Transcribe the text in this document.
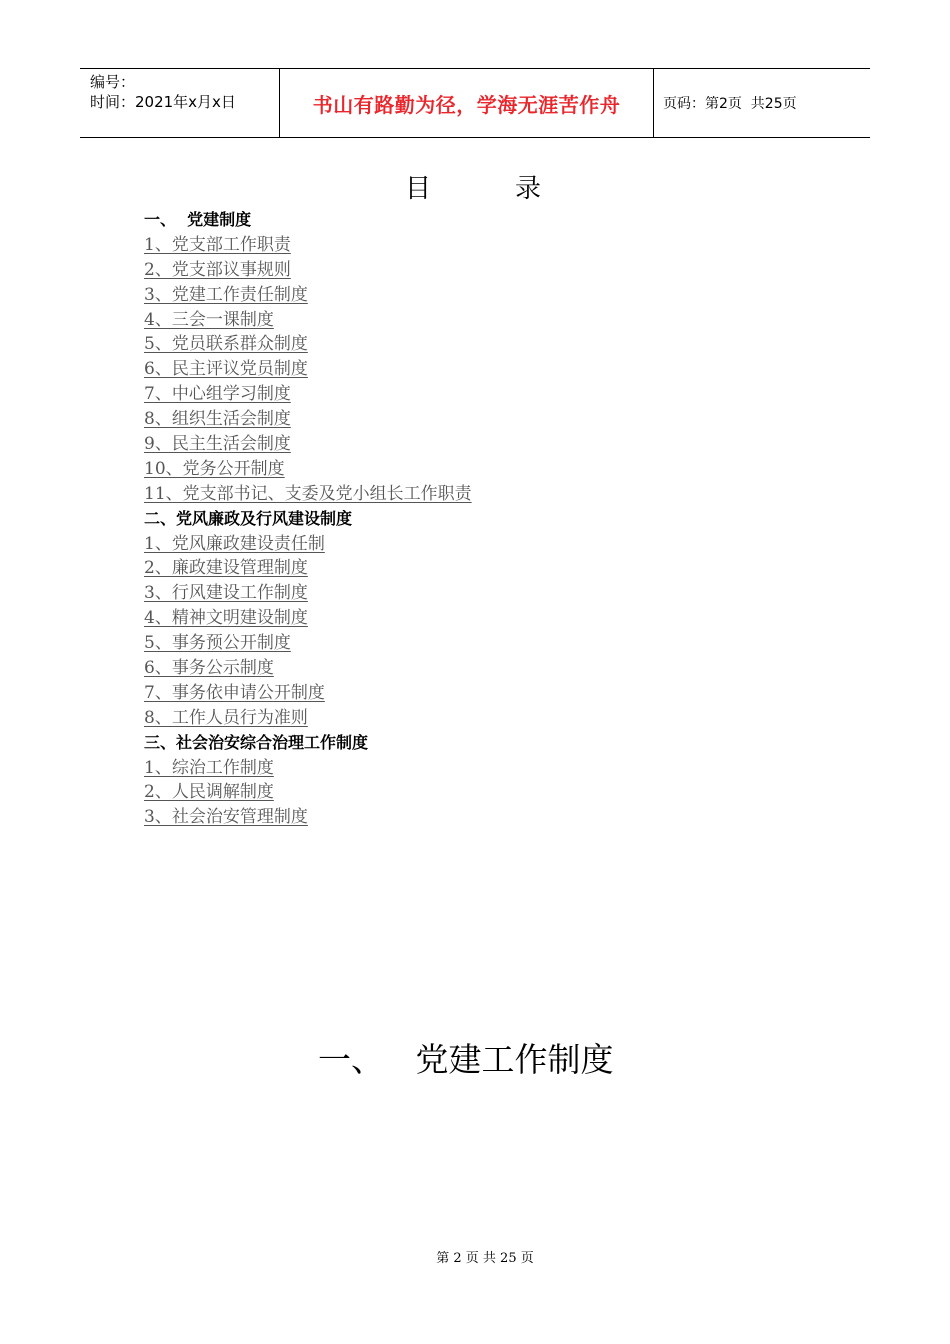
编号：
时间：2021年x月x日	书山有路勤为径，学海无涯苦作舟	页码：第2页  共25页
目录
一、  党建制度
1、党支部工作职责
2、党支部议事规则
3、党建工作责任制度
4、三会一课制度
5、党员联系群众制度
6、民主评议党员制度
7、中心组学习制度
8、组织生活会制度
9、民主生活会制度
10、党务公开制度
11、党支部书记、支委及党小组长工作职责
二、党风廉政及行风建设制度
1、党风廉政建设责任制
2、廉政建设管理制度
3、行风建设工作制度
4、精神文明建设制度
5、事务预公开制度
6、事务公示制度
7、事务依申请公开制度
8、工作人员行为准则
三、社会治安综合治理工作制度
1、综治工作制度
2、人民调解制度
3、社会治安管理制度
一、   党建工作制度
第 2 页 共 25 页
